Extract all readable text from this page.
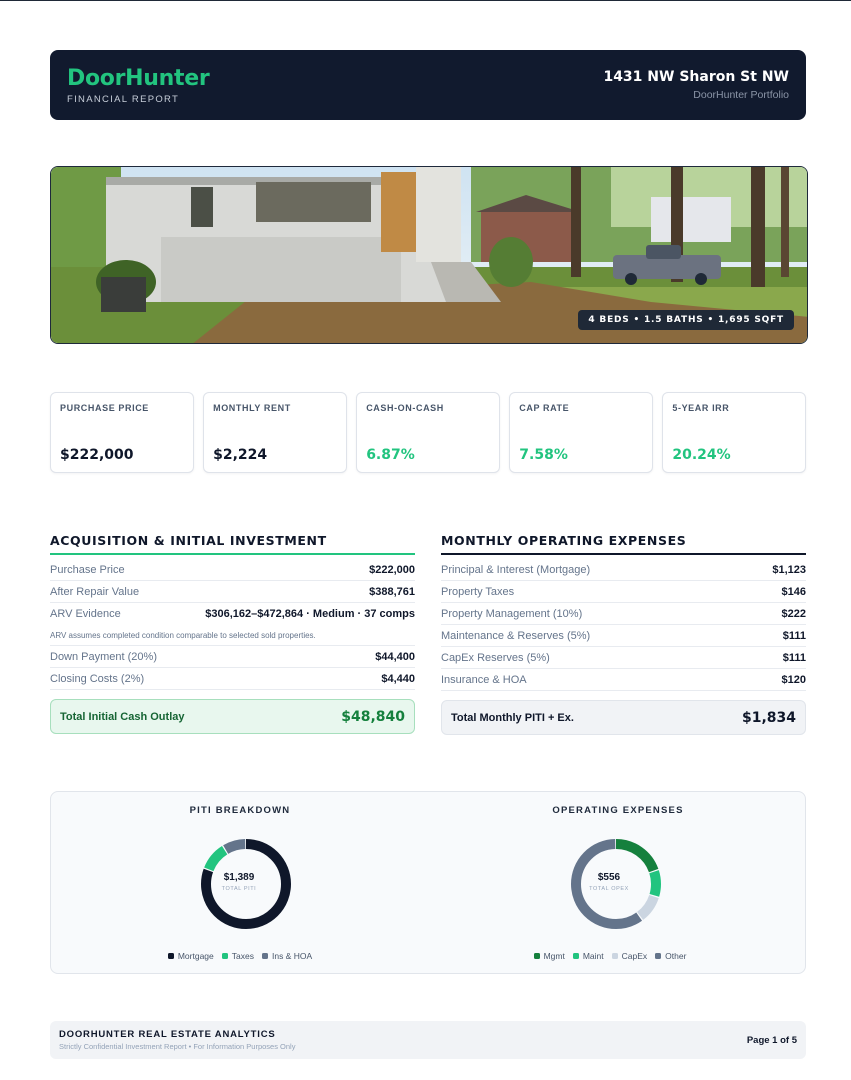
DoorHunter
FINANCIAL REPORT
1431 NW Sharon St NW
DoorHunter Portfolio
4 BEDS • 1.5 BATHS • 1,695 SQFT
PURCHASE PRICE
$222,000
MONTHLY RENT
$2,224
CASH-ON-CASH
6.87%
CAP RATE
7.58%
5-YEAR IRR
20.24%
ACQUISITION & INITIAL INVESTMENT
Purchase Price	$222,000
After Repair Value	$388,761
ARV Evidence	$306,162–$472,864 · Medium · 37 comps
ARV assumes completed condition comparable to selected sold properties.
Down Payment (20%)	$44,400
Closing Costs (2%)	$4,440
Total Initial Cash Outlay	$48,840
MONTHLY OPERATING EXPENSES
Principal & Interest (Mortgage)	$1,123
Property Taxes	$146
Property Management (10%)	$222
Maintenance & Reserves (5%)	$111
CapEx Reserves (5%)	$111
Insurance & HOA	$120
Total Monthly PITI + Ex.	$1,834
PITI BREAKDOWN
$1,389
TOTAL PITI
Mortgage Taxes Ins & HOA
OPERATING EXPENSES
$556
TOTAL OPEX
Mgmt Maint CapEx Other
DOORHUNTER REAL ESTATE ANALYTICS
Strictly Confidential Investment Report • For Information Purposes Only
Page 1 of 5
